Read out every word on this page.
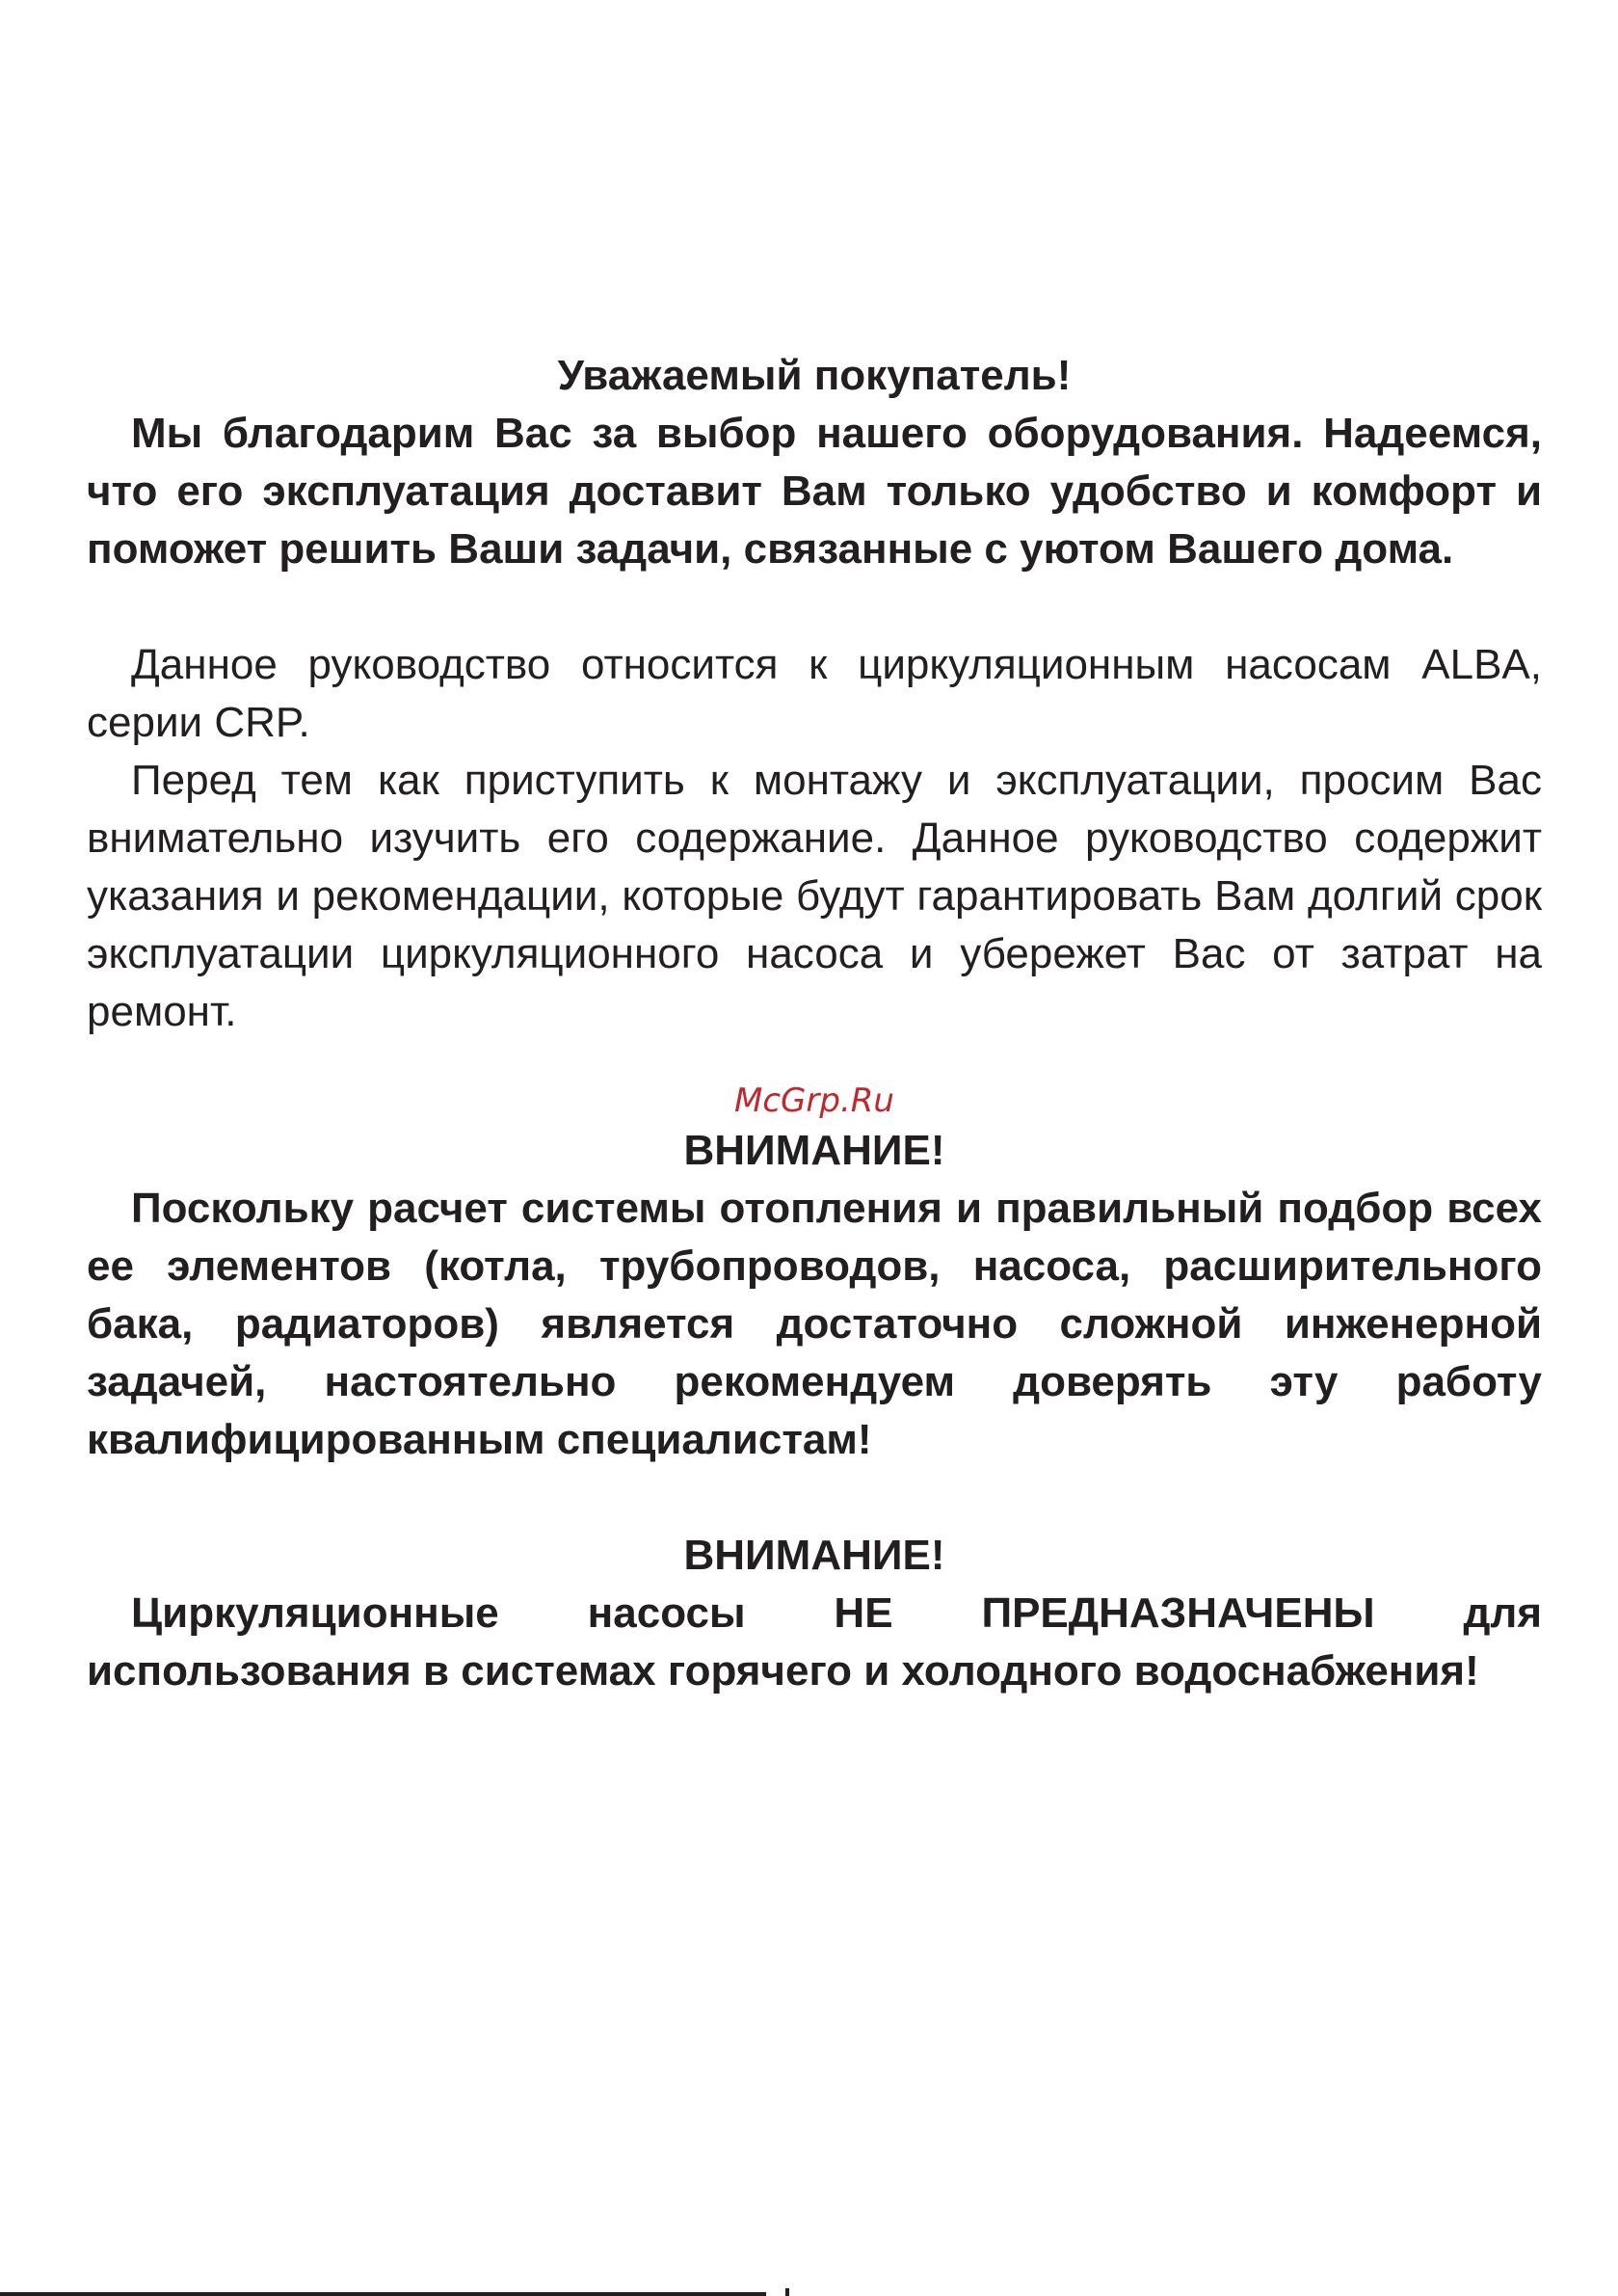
Уважаемый покупатель!

Мы благодарим Вас за выбор нашего оборудования. Надеемся, что его эксплуатация доставит Вам только удобство и комфорт и поможет решить Ваши задачи, связанные с уютом Вашего дома.

Данное руководство относится к циркуляционным насосам ALBA, серии CRP.

Перед тем как приступить к монтажу и эксплуатации, просим Вас внимательно изучить его содержание. Данное руководство содержит указания и рекомендации, которые будут гарантировать Вам долгий срок эксплуатации циркуляционного насоса и убережет Вас от затрат на ремонт.

McGrp.Ru

ВНИМАНИЕ!

Поскольку расчет системы отопления и правильный подбор всех ее элементов (котла, трубопроводов, насоса, расширительного бака, радиаторов) является достаточно сложной инженерной задачей, настоятельно рекомендуем доверять эту работу квалифицированным специалистам!

ВНИМАНИЕ!

Циркуляционные насосы НЕ ПРЕДНАЗНАЧЕНЫ для использования в системах горячего и холодного водоснабжения!
